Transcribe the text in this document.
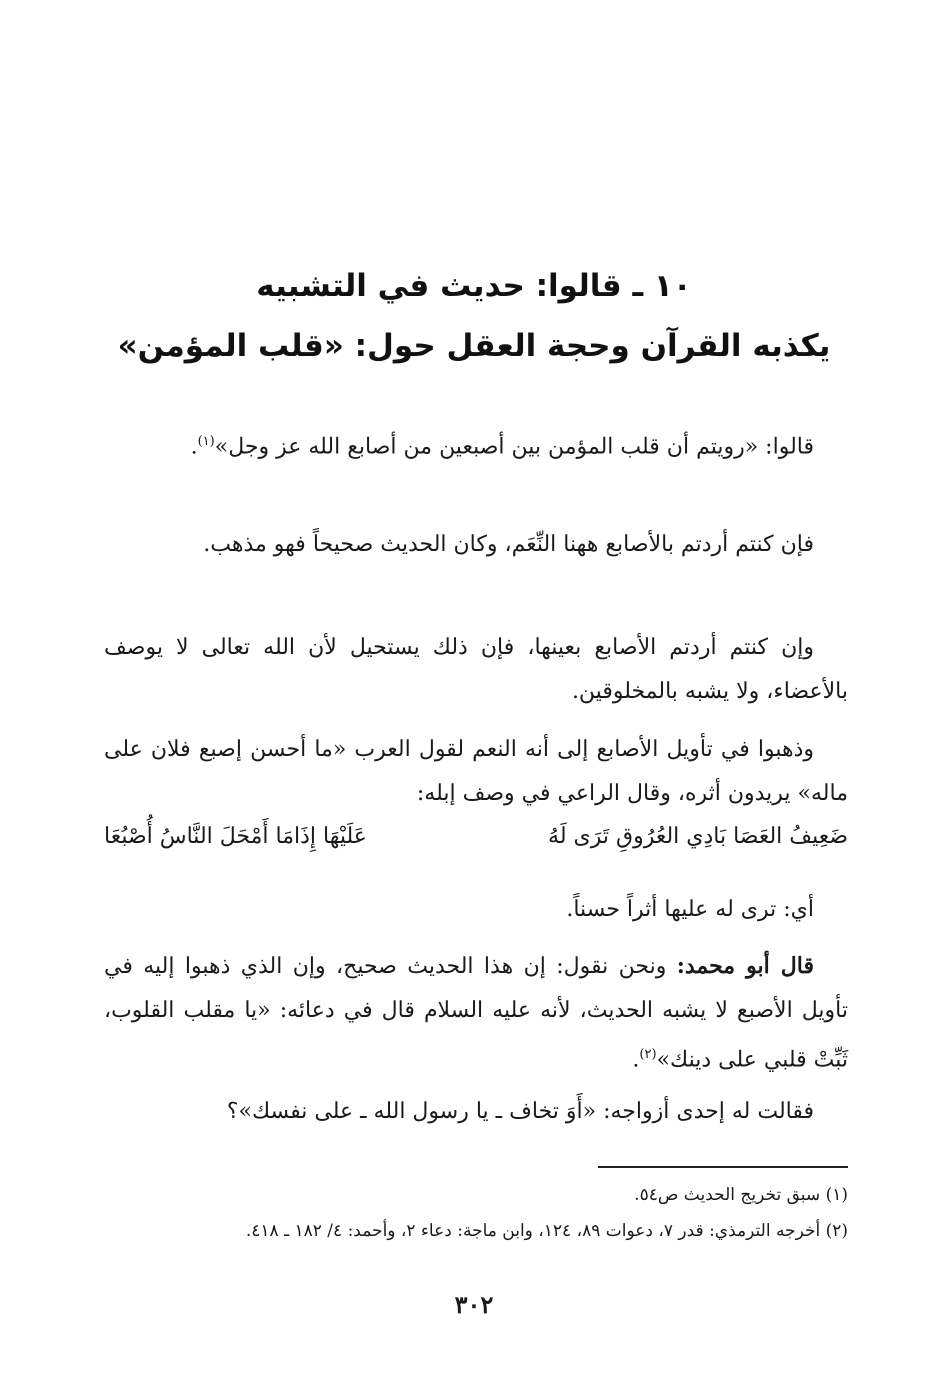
١٠ ـ قالوا: حديث في التشبيه
يكذبه القرآن وحجة العقل حول: «قلب المؤمن»
قالوا: «رويتم أن قلب المؤمن بين أصبعين من أصابع الله عز وجل»$^{(١)}$.
فإن كنتم أردتم بالأصابع ههنا النِّعَم، وكان الحديث صحيحاً فهو مذهب.
وإن كنتم أردتم الأصابع بعينها، فإن ذلك يستحيل لأن الله تعالى لا يوصف بالأعضاء، ولا يشبه بالمخلوقين.
وذهبوا في تأويل الأصابع إلى أنه النعم لقول العرب «ما أحسن إصبع فلان على ماله» يريدون أثره، وقال الراعي في وصف إبله:
ضَعِيفُ العَصَا بَادِي العُرُوقِ تَرَى لَهُ
عَلَيْهَا إِذَامَا أَمْحَلَ النَّاسُ أُصْبُعَا
أي: ترى له عليها أثراً حسناً.
قال أبو محمد: ونحن نقول: إن هذا الحديث صحيح، وإن الذي ذهبوا إليه في تأويل الأصبع لا يشبه الحديث، لأنه عليه السلام قال في دعائه: «يا مقلب القلوب، ثَبِّتْ قلبي على دينك»$^{(٢)}$.
فقالت له إحدى أزواجه: «أَوَ تخاف ـ يا رسول الله ـ على نفسك»؟
(١) سبق تخريج الحديث ص٥٤.
(٢) أخرجه الترمذي: قدر ٧، دعوات ٨٩، ١٢٤، وابن ماجة: دعاء ٢، وأحمد: ٤/ ١٨٢ ـ ٤١٨.
٣٠٢
